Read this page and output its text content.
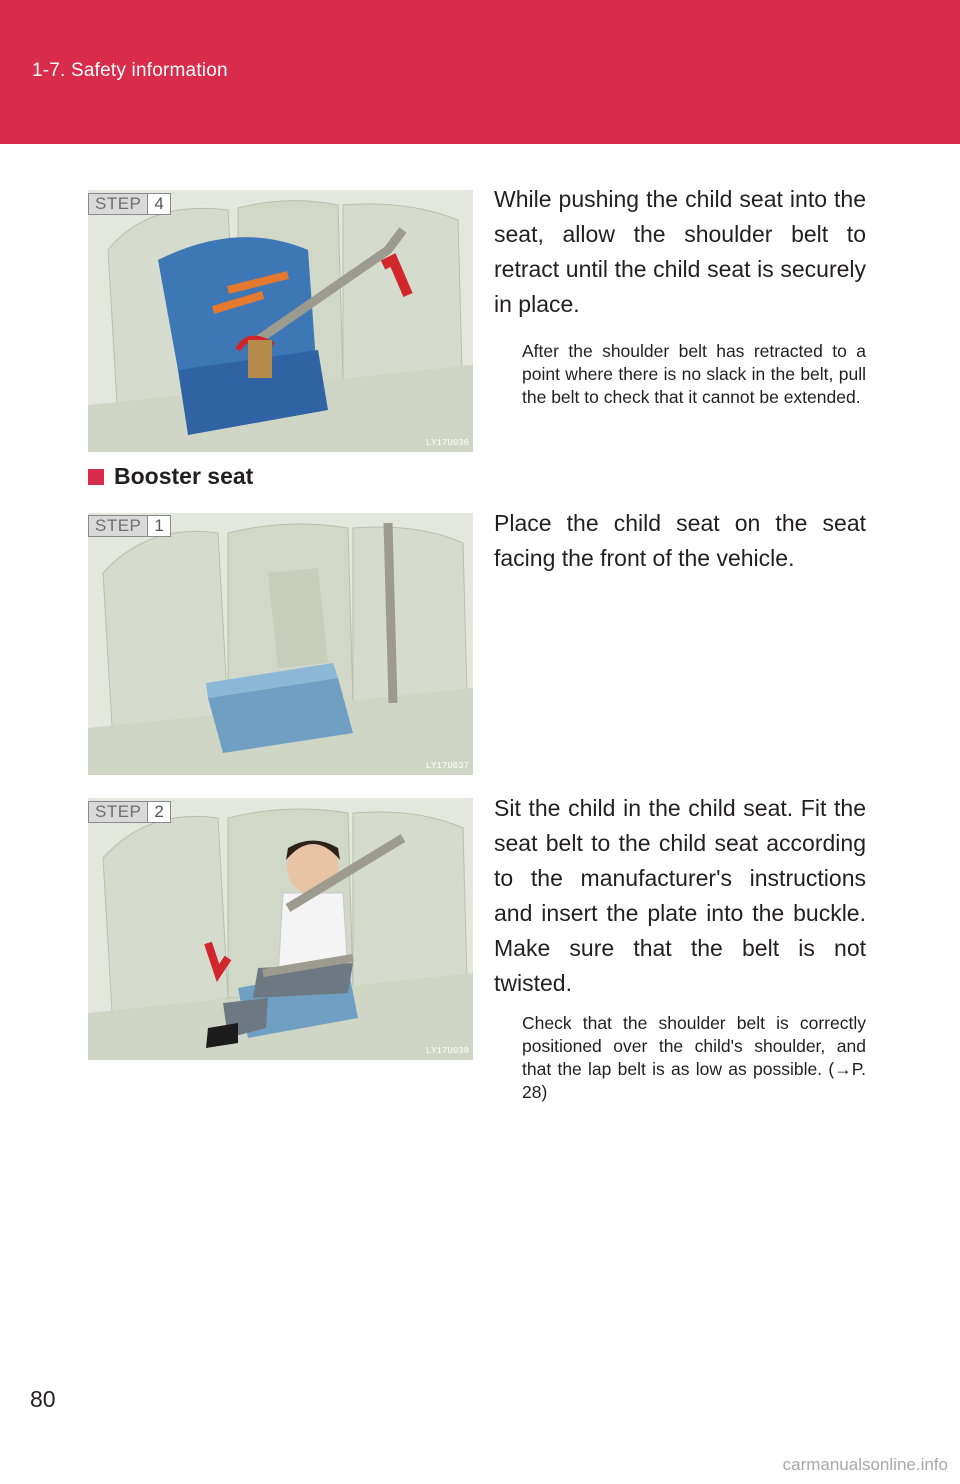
1-7. Safety information
LY17U036
STEP 4	While pushing the child seat into the seat, allow the shoulder belt to retract until the child seat is securely in place.
After the shoulder belt has retracted to a point where there is no slack in the belt, pull the belt to check that it cannot be extended.
Booster seat
LY17U037
STEP 1	Place the child seat on the seat facing the front of the vehicle.
LY17U038
STEP 2	Sit the child in the child seat. Fit the seat belt to the child seat according to the manufacturer's instructions and insert the plate into the buckle. Make sure that the belt is not twisted.
Check that the shoulder belt is correctly positioned over the child's shoulder, and that the lap belt is as low as possible. (→P. 28)
80
carmanualsonline.info
